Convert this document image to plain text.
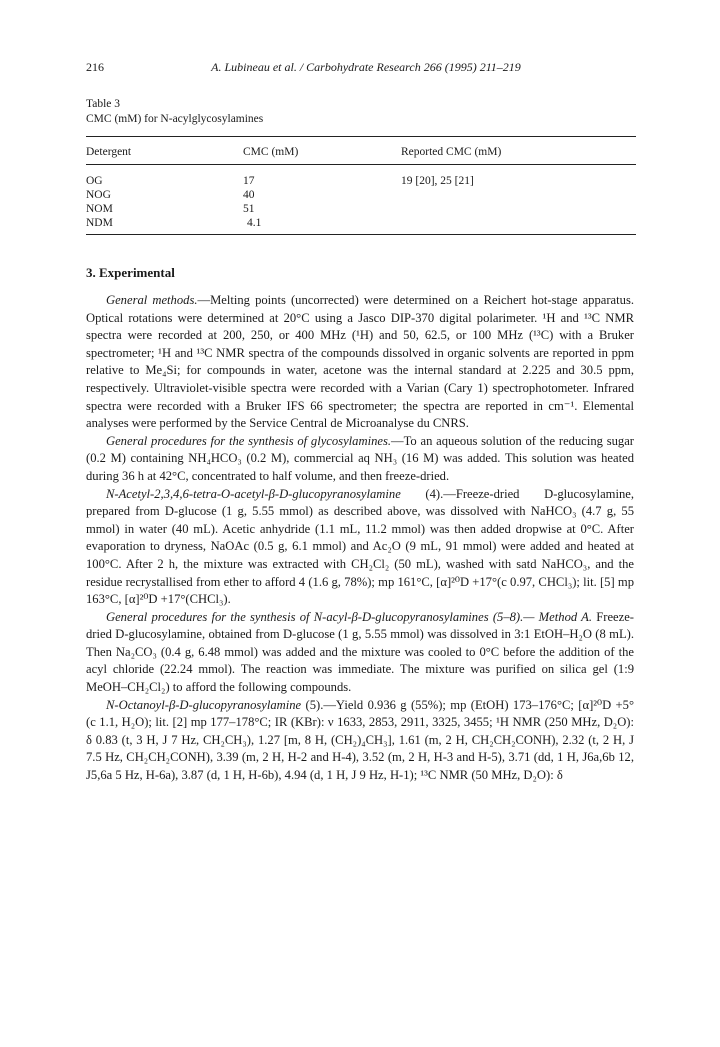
216	A. Lubineau et al. / Carbohydrate Research 266 (1995) 211–219
Table 3
CMC (mM) for N-acylglycosylamines
Detergent	CMC (mM)	Reported CMC (mM)
OG	17	19 [20], 25 [21]
NOG	40
NOM	51
NDM	4.1
3. Experimental

General methods.—Melting points (uncorrected) were determined on a Reichert hot-stage apparatus. Optical rotations were determined at 20°C using a Jasco DIP-370 digital polarimeter. ¹H and ¹³C NMR spectra were recorded at 200, 250, or 400 MHz (¹H) and 50, 62.5, or 100 MHz (¹³C) with a Bruker spectrometer; ¹H and ¹³C NMR spectra of the compounds dissolved in organic solvents are reported in ppm relative to Me₄Si; for compounds in water, acetone was the internal standard at 2.225 and 30.5 ppm, respectively. Ultraviolet-visible spectra were recorded with a Varian (Cary 1) spectrophotometer. Infrared spectra were recorded with a Bruker IFS 66 spectrometer; the spectra are reported in cm⁻¹. Elemental analyses were performed by the Service Central de Microanalyse du CNRS.

General procedures for the synthesis of glycosylamines.—To an aqueous solution of the reducing sugar (0.2 M) containing NH₄HCO₃ (0.2 M), commercial aq NH₃ (16 M) was added. This solution was heated during 36 h at 42°C, concentrated to half volume, and then freeze-dried.

N-Acetyl-2,3,4,6-tetra-O-acetyl-β-D-glucopyranosylamine (4).—Freeze-dried D-glucosylamine, prepared from D-glucose (1 g, 5.55 mmol) as described above, was dissolved with NaHCO₃ (4.7 g, 55 mmol) in water (40 mL). Acetic anhydride (1.1 mL, 11.2 mmol) was then added dropwise at 0°C. After evaporation to dryness, NaOAc (0.5 g, 6.1 mmol) and Ac₂O (9 mL, 91 mmol) were added and heated at 100°C. After 2 h, the mixture was extracted with CH₂Cl₂ (50 mL), washed with satd NaHCO₃, and the residue recrystallised from ether to afford 4 (1.6 g, 78%); mp 161°C, [α]²⁰D +17°(c 0.97, CHCl₃); lit. [5] mp 163°C, [α]²⁰D +17°(CHCl₃).

General procedures for the synthesis of N-acyl-β-D-glucopyranosylamines (5–8).— Method A. Freeze-dried D-glucosylamine, obtained from D-glucose (1 g, 5.55 mmol) was dissolved in 3:1 EtOH–H₂O (8 mL). Then Na₂CO₃ (0.4 g, 6.48 mmol) was added and the mixture was cooled to 0°C before the addition of the acyl chloride (22.24 mmol). The reaction was immediate. The mixture was purified on silica gel (1:9 MeOH–CH₂Cl₂) to afford the following compounds.

N-Octanoyl-β-D-glucopyranosylamine (5).—Yield 0.936 g (55%); mp (EtOH) 173–176°C; [α]²⁰D +5° (c 1.1, H₂O); lit. [2] mp 177–178°C; IR (KBr): ν 1633, 2853, 2911, 3325, 3455; ¹H NMR (250 MHz, D₂O): δ 0.83 (t, 3 H, J 7 Hz, CH₂CH₃), 1.27 [m, 8 H, (CH₂)₄CH₃], 1.61 (m, 2 H, CH₂CH₂CONH), 2.32 (t, 2 H, J 7.5 Hz, CH₂CH₂CONH), 3.39 (m, 2 H, H-2 and H-4), 3.52 (m, 2 H, H-3 and H-5), 3.71 (dd, 1 H, J6a,6b 12, J5,6a 5 Hz, H-6a), 3.87 (d, 1 H, H-6b), 4.94 (d, 1 H, J 9 Hz, H-1); ¹³C NMR (50 MHz, D₂O): δ
